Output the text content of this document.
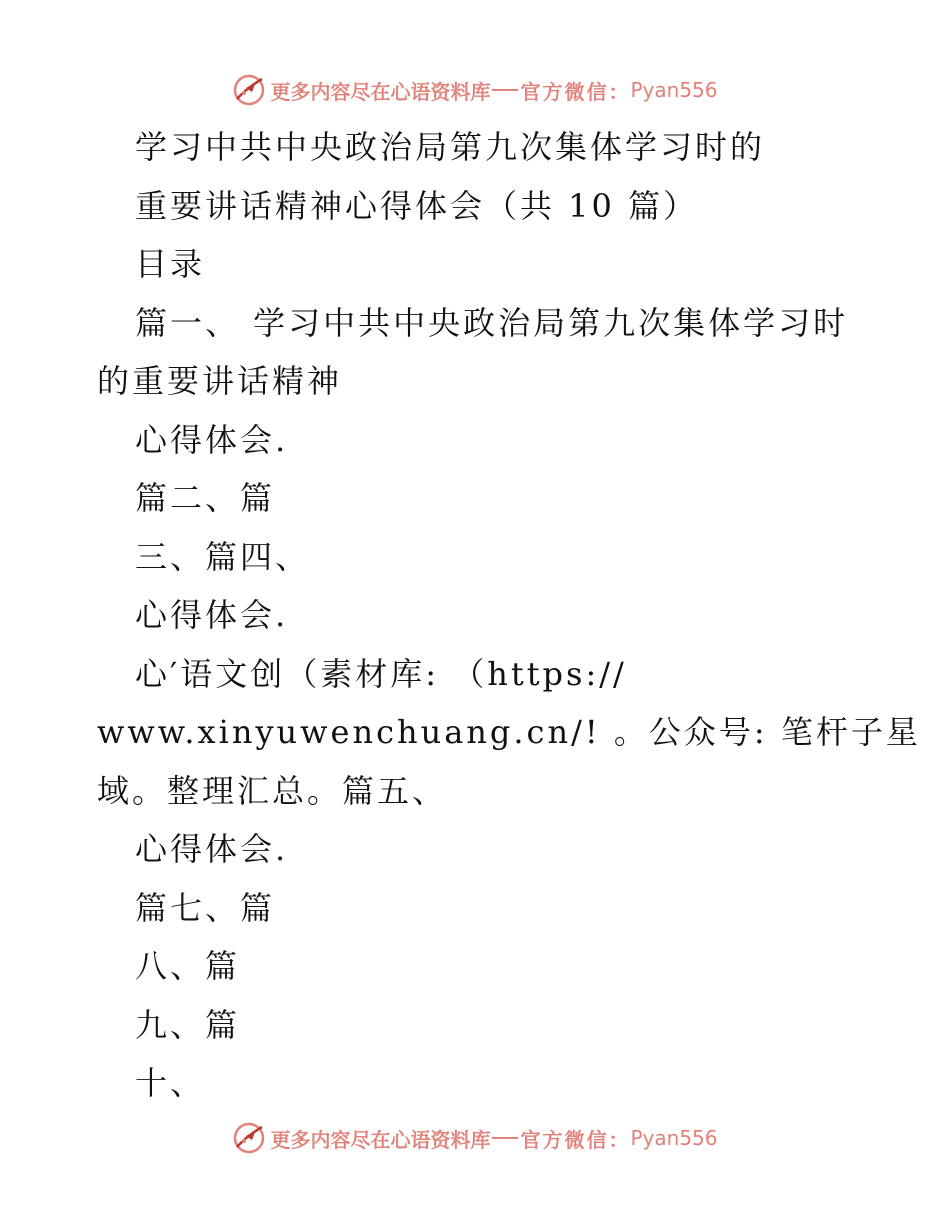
更多内容尽在心语资料库 官方微信： Pyan556
学习中共中央政治局第九次集体学习时的
重要讲话精神心得体会（共 10 篇）
目录
篇一、 学习中共中央政治局第九次集体学习时
的重要讲话精神
心得体会.
篇二、篇
三、篇四、
心得体会.
心′语文创（素材库: （https://
www.xinyuwenchuang.cn/! 。公众号: 笔杆子星
域。整理汇总。篇五、
心得体会.
篇七、篇
八、篇
九、篇
十、
更多内容尽在心语资料库 官方微信： Pyan556
